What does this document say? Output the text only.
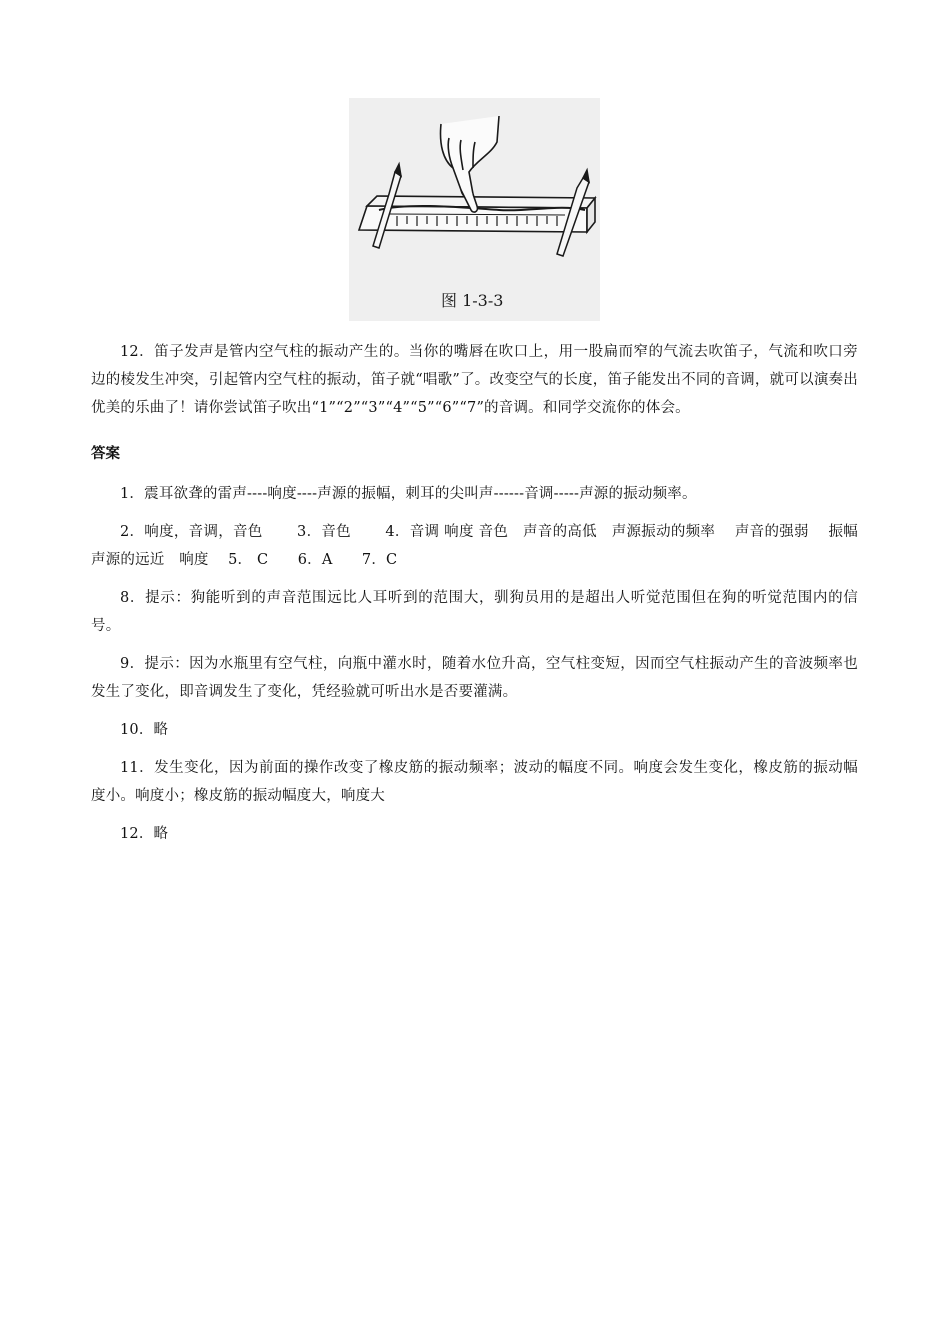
图 1-3-3

12．笛子发声是管内空气柱的振动产生的。当你的嘴唇在吹口上，用一股扁而窄的气流去吹笛子，气流和吹口旁边的棱发生冲突，引起管内空气柱的振动，笛子就“唱歌”了。改变空气的长度，笛子能发出不同的音调，就可以演奏出优美的乐曲了！请你尝试笛子吹出“1”“2”“3”“4”“5”“6”“7”的音调。和同学交流你的体会。

答案

1．震耳欲聋的雷声----响度----声源的振幅，刺耳的尖叫声------音调-----声源的振动频率。

2．响度，音调，音色　　 3．音色　　 4．音调 响度 音色　声音的高低　声源振动的频率　 声音的强弱　 振幅　声源的远近　响度　 5． C　　6．A　　7．C

8．提示：狗能听到的声音范围远比人耳听到的范围大，驯狗员用的是超出人听觉范围但在狗的听觉范围内的信号。

9．提示：因为水瓶里有空气柱，向瓶中灌水时，随着水位升高，空气柱变短，因而空气柱振动产生的音波频率也发生了变化，即音调发生了变化，凭经验就可听出水是否要灌满。

10．略

11．发生变化，因为前面的操作改变了橡皮筋的振动频率；波动的幅度不同。响度会发生变化，橡皮筋的振动幅度小。响度小；橡皮筋的振动幅度大，响度大

12．略
